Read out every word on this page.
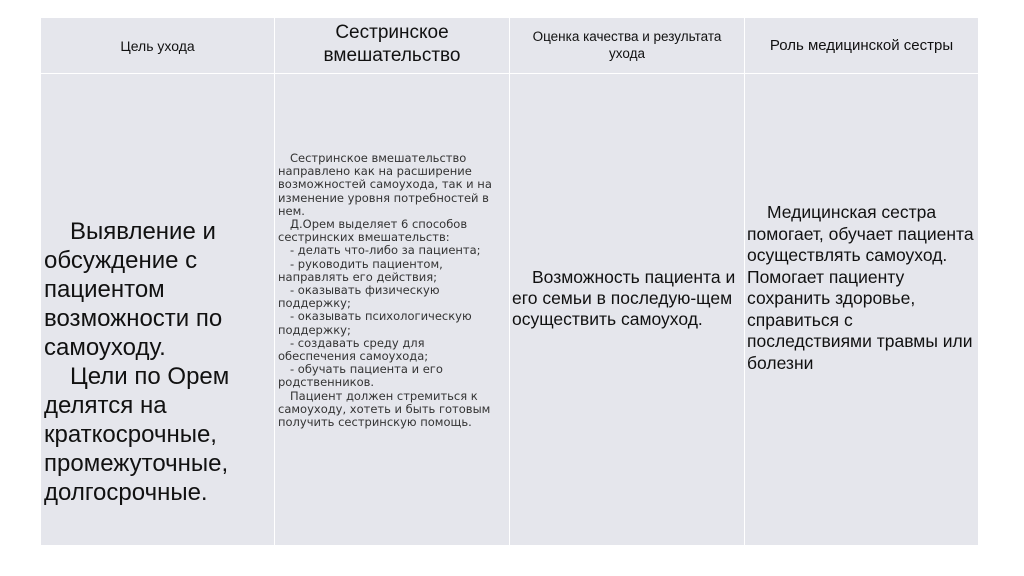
Цель ухода
Сестринское вмешательство
Оценка качества и результата ухода	Роль медицинской сестры

Выявление и обсуждение с пациентом возможности по самоуходу.

Цели по Орем делятся на краткосрочные, промежуточные, долгосрочные.

Сестринское вмешательство направлено как на расширение возможностей самоухода, так и на изменение уровня потребностей в нем.
Д.Орем выделяет 6 способов сестринских вмешательств:
- делать что-либо за пациента;
- руководить пациентом, направлять его действия;
- оказывать физическую поддержку;
- оказывать психологическую поддержку;
- создавать среду для обеспечения самоухода;
- обучать пациента и его родственников.
Пациент должен стремиться к самоуходу, хотеть и быть готовым получить сестринскую помощь.

Возможность пациента и его семьи в последую-щем осуществить самоуход.

Медицинская сестра помогает, обучает пациента осуществлять самоуход. Помогает пациенту сохранить здоровье, справиться с последствиями травмы или болезни
